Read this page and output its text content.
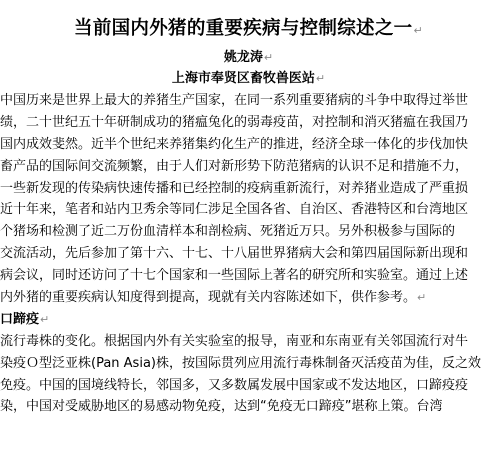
当前国内外猪的重要疾病与控制综述之一↵
姚龙涛↵
上海市奉贤区畜牧兽医站↵
中国历来是世界上最大的养猪生产国家，在同一系列重要猪病的斗争中取得过举世
绩，二十世纪五十年研制成功的猪瘟兔化的弱毒疫苗，对控制和消灭猪瘟在我国乃
国内成效斐然。近半个世纪来养猪集约化生产的推进，经济全球一体化的步伐加快
畜产品的国际间交流频繁，由于人们对新形势下防范猪病的认识不足和措施不力，
一些新发现的传染病快速传播和已经控制的疫病重新流行，对养猪业造成了严重损
近十年来，笔者和站内卫秀余等同仁涉足全国各省、自治区、香港特区和台湾地区
个猪场和检测了近二万份血清样本和剖检病、死猪近万只。另外积极参与国际的
交流活动，先后参加了第十六、十七、十八届世界猪病大会和第四届国际新出现和
病会议，同时还访问了十七个国家和一些国际上著名的研究所和实验室。通过上述
内外猪的重要疾病认知度得到提高，现就有关内容陈述如下，供作参考。↵
口蹄疫↵
流行毒株的变化。根据国内外有关实验室的报导，南亚和东南亚有关邻国流行对牛
染疫Ｏ型泛亚株(Pan Asia)株，按国际贯列应用流行毒株制备灭活疫苗为佳，反之效
免疫。中国的国境线特长，邻国多，又多数属发展中国家或不发达地区，口蹄疫疫
染，中国对受威胁地区的易感动物免疫，达到“免疫无口蹄疫”堪称上策。台湾
